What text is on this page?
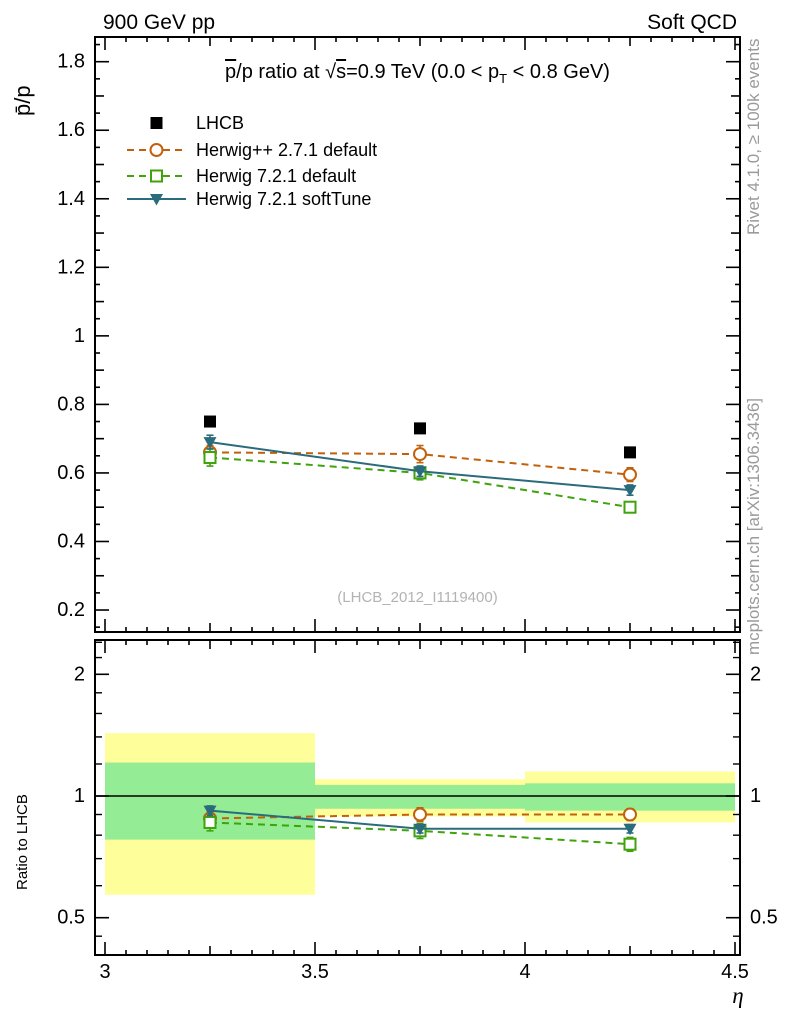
900 GeV pp	Soft QCD
p̄/p
$\overline{p}/p$ ratio at √s=0.9 TeV ($0.0 < p_T < 0.8$ GeV)	Rivet 4.1.0, ≥ 100k events
mcplots.cern.ch [arXiv:1306.3436]
(LHCB_2012_I1119400)
Ratio to LHCB
η
3	3.5	4	4.5
0.2
0.4
0.6
0.8
1
1.2
1.4
1.6
1.8
0.5	0.5
1	1
2	2
LHCB
Herwig++ 2.7.1 default
Herwig 7.2.1 default
Herwig 7.2.1 softTune
